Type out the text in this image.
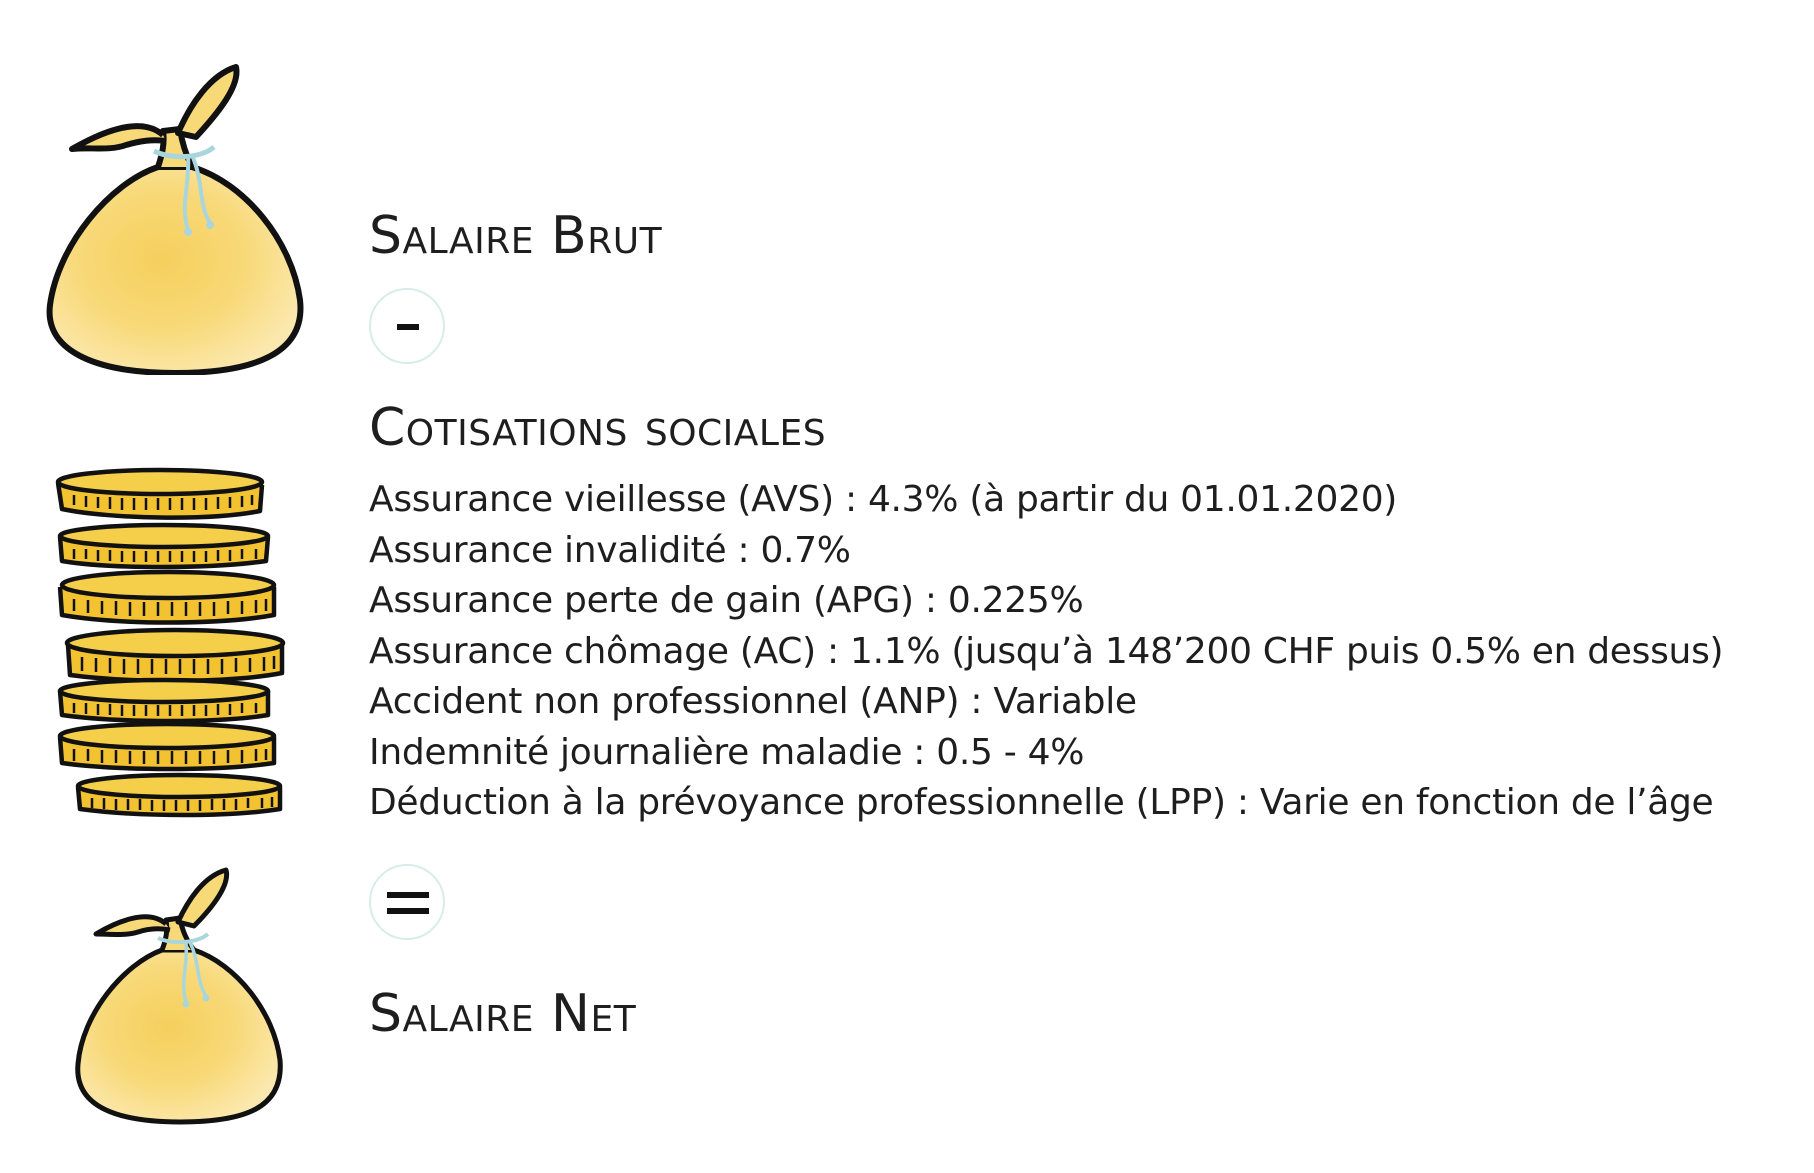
Salaire Brut
Cotisations sociales
Assurance vieillesse (AVS) : 4.3% (à partir du 01.01.2020)
Assurance invalidité : 0.7%
Assurance perte de gain (APG) : 0.225%
Assurance chômage (AC) : 1.1% (jusqu’à 148’200 CHF puis 0.5% en dessus)
Accident non professionnel (ANP) : Variable
Indemnité journalière maladie : 0.5 - 4%
Déduction à la prévoyance professionnelle (LPP) : Varie en fonction de l’âge
Salaire Net
